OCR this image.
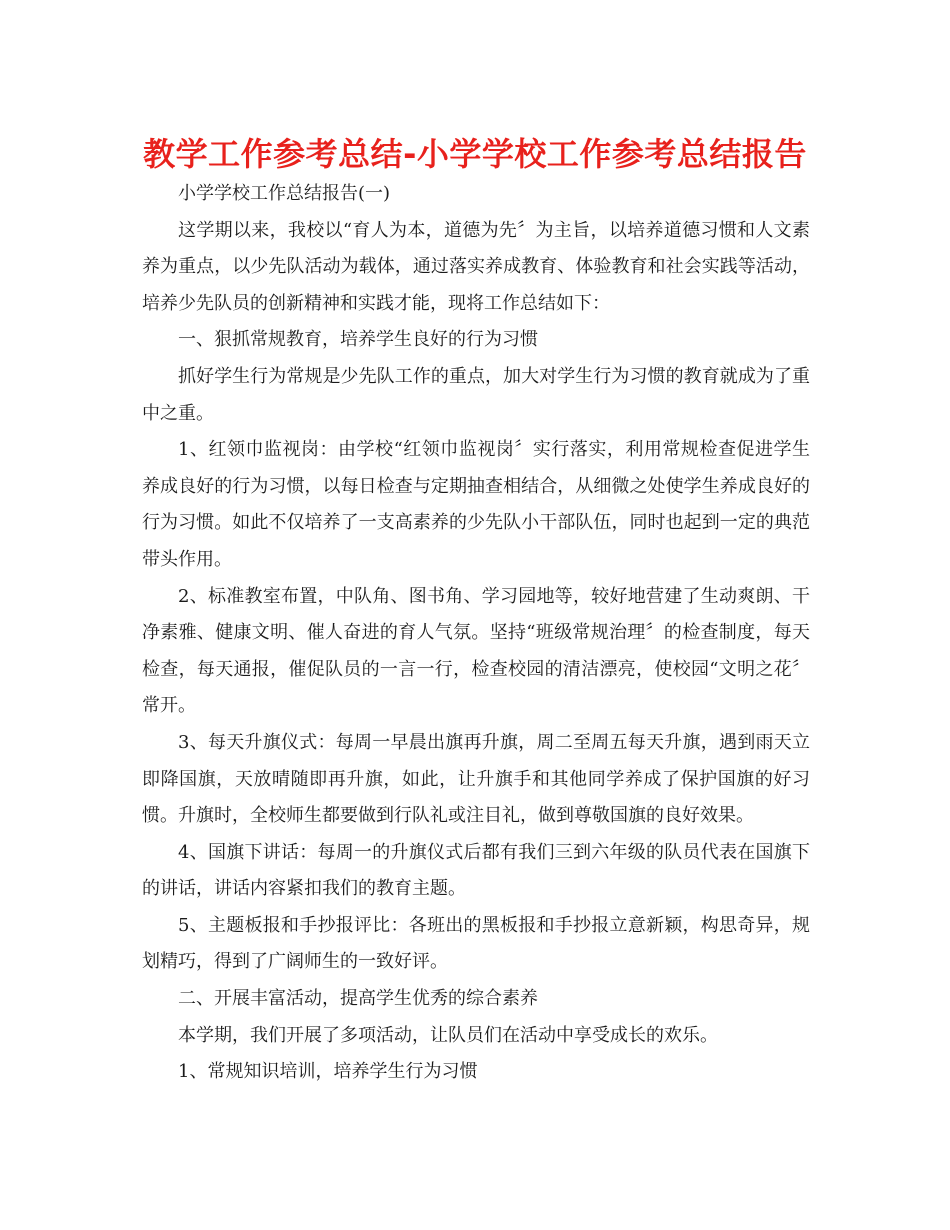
教学工作参考总结-小学学校工作参考总结报告

小学学校工作总结报告(一)

这学期以来，我校以“育人为本，道德为先〞为主旨，以培养道德习惯和人文素养为重点，以少先队活动为载体，通过落实养成教育、体验教育和社会实践等活动，培养少先队员的创新精神和实践才能，现将工作总结如下：

一、狠抓常规教育，培养学生良好的行为习惯

抓好学生行为常规是少先队工作的重点，加大对学生行为习惯的教育就成为了重中之重。

1、红领巾监视岗：由学校“红领巾监视岗〞实行落实，利用常规检查促进学生养成良好的行为习惯，以每日检查与定期抽查相结合，从细微之处使学生养成良好的行为习惯。如此不仅培养了一支高素养的少先队小干部队伍，同时也起到一定的典范带头作用。

2、标准教室布置，中队角、图书角、学习园地等，较好地营建了生动爽朗、干净素雅、健康文明、催人奋进的育人气氛。坚持“班级常规治理〞的检查制度，每天检查，每天通报，催促队员的一言一行，检查校园的清洁漂亮，使校园“文明之花〞常开。

3、每天升旗仪式：每周一早晨出旗再升旗，周二至周五每天升旗，遇到雨天立即降国旗，天放晴随即再升旗，如此，让升旗手和其他同学养成了保护国旗的好习惯。升旗时，全校师生都要做到行队礼或注目礼，做到尊敬国旗的良好效果。

4、国旗下讲话：每周一的升旗仪式后都有我们三到六年级的队员代表在国旗下的讲话，讲话内容紧扣我们的教育主题。

5、主题板报和手抄报评比：各班出的黑板报和手抄报立意新颖，构思奇异，规划精巧，得到了广阔师生的一致好评。

二、开展丰富活动，提高学生优秀的综合素养

本学期，我们开展了多项活动，让队员们在活动中享受成长的欢乐。

1、常规知识培训，培养学生行为习惯
